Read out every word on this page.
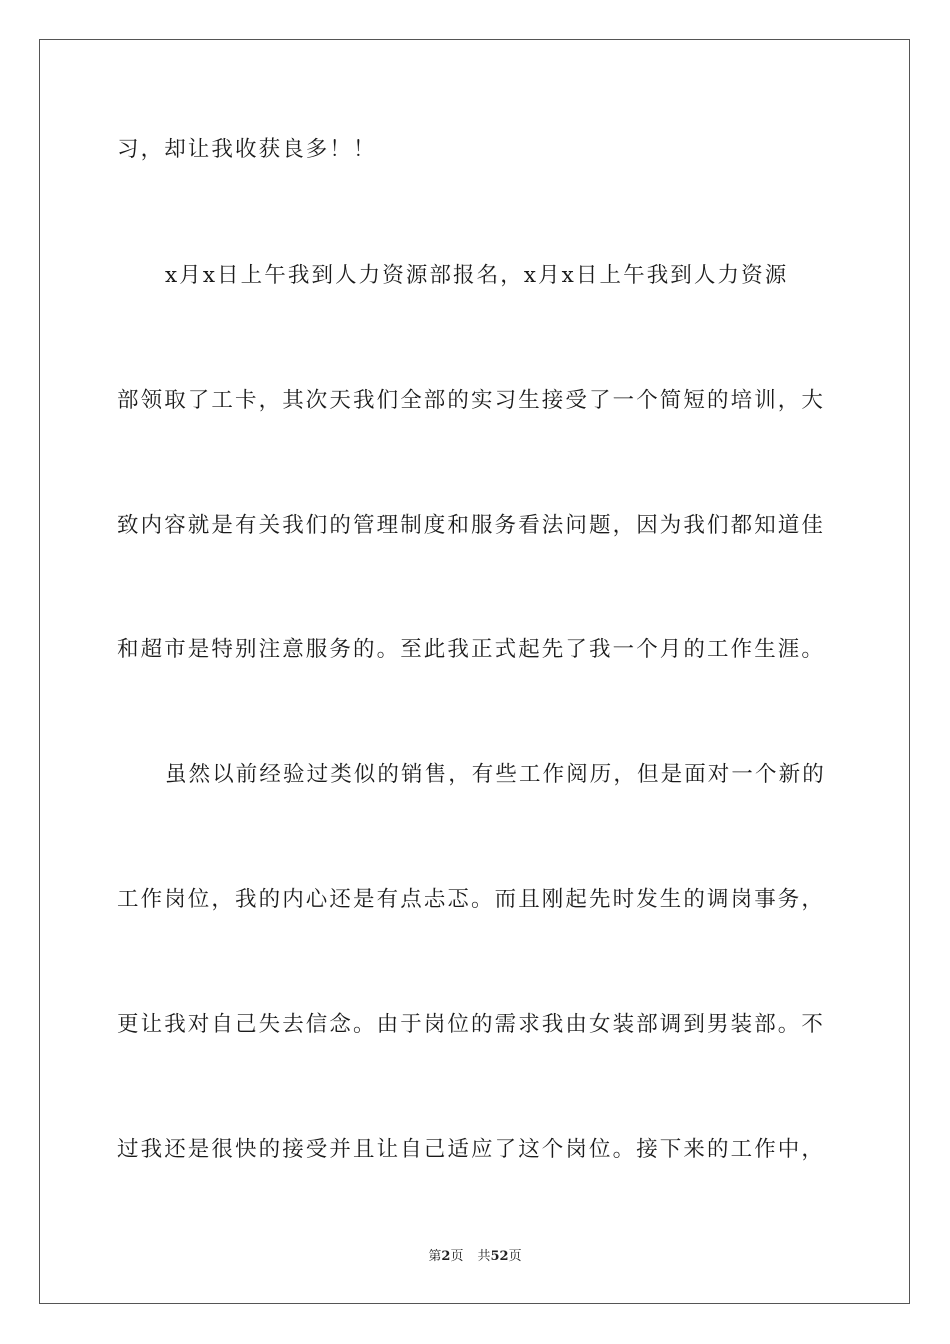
习，却让我收获良多！！
x月x日上午我到人力资源部报名，x月x日上午我到人力资源
部领取了工卡，其次天我们全部的实习生接受了一个简短的培训，大
致内容就是有关我们的管理制度和服务看法问题，因为我们都知道佳
和超市是特别注意服务的。至此我正式起先了我一个月的工作生涯。
虽然以前经验过类似的销售，有些工作阅历，但是面对一个新的
工作岗位，我的内心还是有点忐忑。而且刚起先时发生的调岗事务，
更让我对自己失去信念。由于岗位的需求我由女装部调到男装部。不
过我还是很快的接受并且让自己适应了这个岗位。接下来的工作中，
第2页 共52页
